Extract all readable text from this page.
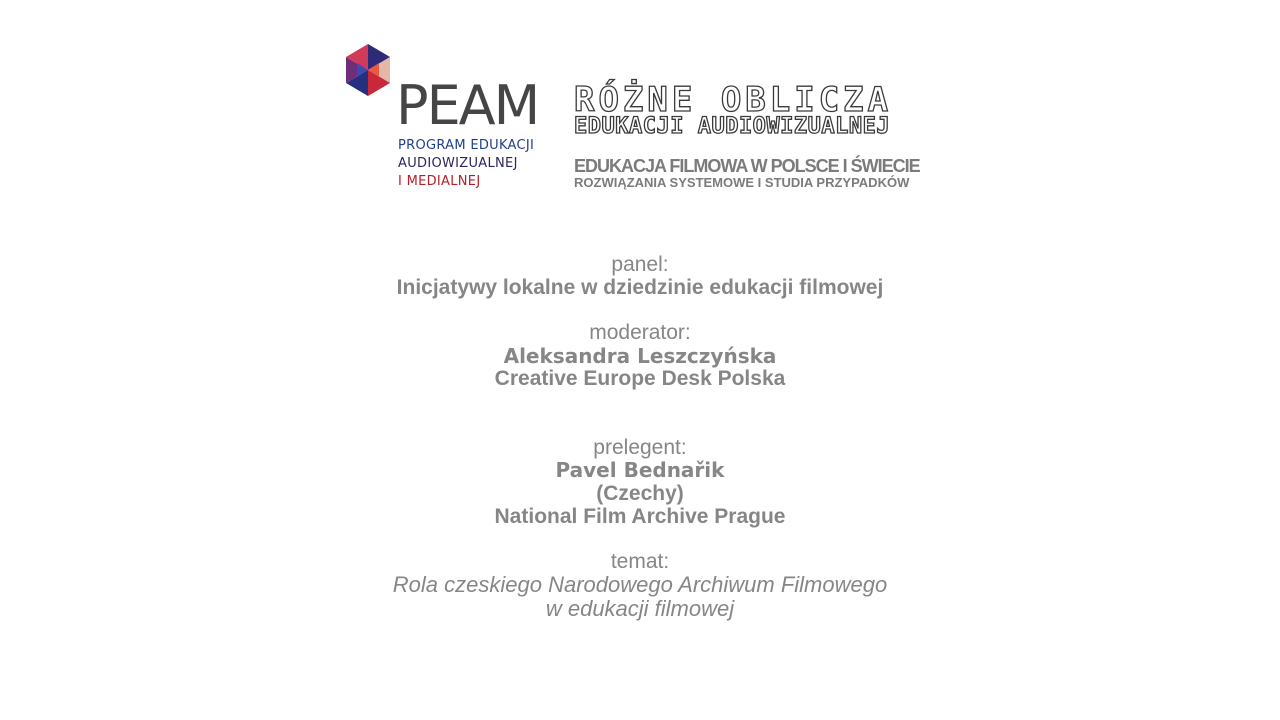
PEAM
PROGRAM EDUKACJI
AUDIOWIZUALNEJ
I MEDIALNEJ
RÓŻNE OBLICZA
EDUKACJI AUDIOWIZUALNEJ
EDUKACJA FILMOWA W POLSCE I ŚWIECIE
ROZWIĄZANIA SYSTEMOWE I STUDIA PRZYPADKÓW
panel:
Inicjatywy lokalne w dziedzinie edukacji filmowej
moderator:
Aleksandra Leszczyńska
Creative Europe Desk Polska
prelegent:
Pavel Bednařik
(Czechy)
National Film Archive Prague
temat:
Rola czeskiego Narodowego Archiwum Filmowego
w edukacji filmowej
